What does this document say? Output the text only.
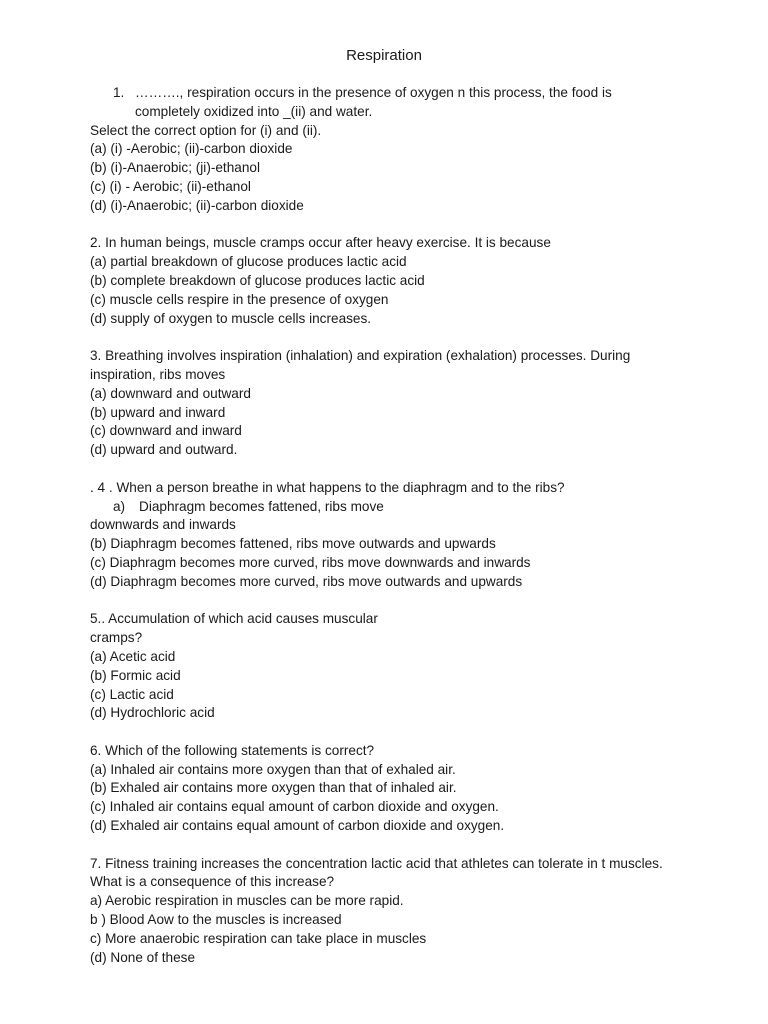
Respiration
1. ………., respiration occurs in the presence of oxygen n this process, the food is
completely oxidized into _(ii) and water.
Select the correct option for (i) and (ii).
(a) (i) -Aerobic; (ii)-carbon dioxide
(b) (i)-Anaerobic; (ji)-ethanol
(c) (i) - Aerobic; (ii)-ethanol
(d) (i)-Anaerobic; (ii)-carbon dioxide
2. In human beings, muscle cramps occur after heavy exercise. It is because
(a) partial breakdown of glucose produces lactic acid
(b) complete breakdown of glucose produces lactic acid
(c) muscle cells respire in the presence of oxygen
(d) supply of oxygen to muscle cells increases.
3. Breathing involves inspiration (inhalation) and expiration (exhalation) processes. During
inspiration, ribs moves
(a) downward and outward
(b) upward and inward
(c) downward and inward
(d) upward and outward.
. 4 . When a person breathe in what happens to the diaphragm and to the ribs?
a) Diaphragm becomes fattened, ribs move
downwards and inwards
(b) Diaphragm becomes fattened, ribs move outwards and upwards
(c) Diaphragm becomes more curved, ribs move downwards and inwards
(d) Diaphragm becomes more curved, ribs move outwards and upwards
5.. Accumulation of which acid causes muscular
cramps?
(a) Acetic acid
(b) Formic acid
(c) Lactic acid
(d) Hydrochloric acid
6. Which of the following statements is correct?
(a) Inhaled air contains more oxygen than that of exhaled air.
(b) Exhaled air contains more oxygen than that of inhaled air.
(c) Inhaled air contains equal amount of carbon dioxide and oxygen.
(d) Exhaled air contains equal amount of carbon dioxide and oxygen.
7. Fitness training increases the concentration lactic acid that athletes can tolerate in t muscles.
What is a consequence of this increase?
a) Aerobic respiration in muscles can be more rapid.
b ) Blood Aow to the muscles is increased
c) More anaerobic respiration can take place in muscles
(d) None of these
